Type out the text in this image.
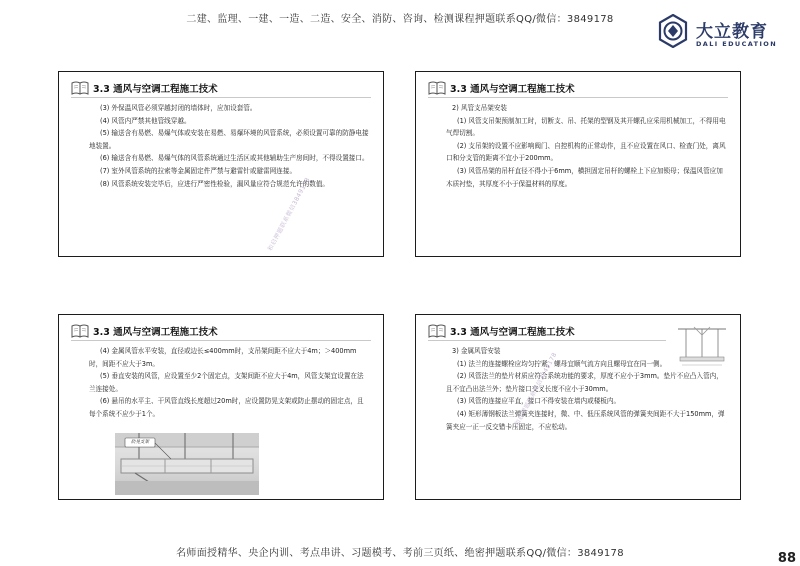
二建、监理、一建、一造、二造、安全、消防、咨询、检测课程押题联系QQ/微信：3849178
大立教育
DALI EDUCATION
3.3 通风与空调工程施工技术

(3) 外保温风管必须穿越封闭的墙体时，应加设套管。

(4) 风管内严禁其他管线穿越。

(5) 输送含有易燃、易爆气体或安装在易燃、易爆环境的风管系统，必须设置可靠的防静电接地装置。

(6) 输送含有易燃、易爆气体的风管系统通过生活区或其他辅助生产房间时，不得设置接口。

(7) 室外风管系统的拉索等金属固定件严禁与避雷针或避雷网连接。

(8) 风管系统安装完毕后，应进行严密性检验，漏风量应符合规范允许的数值。

和启押题联系微信3849178
3.3 通风与空调工程施工技术

2) 风管支吊架安装

(1) 风管支吊架预制加工时，切断支、吊、托架的型钢及其开螺孔应采用机械加工，不得用电气焊切割。

(2) 支吊架的设置不应影响阀门、自控机构的正常动作，且不应设置在风口、检查门处，离风口和分支管的距离不宜小于200mm。

(3) 风管吊架的吊杆直径不得小于6mm，横担固定吊杆的螺栓上下应加锁母；保温风管应加木质衬垫，其厚度不小于保温材料的厚度。

3.3 通风与空调工程施工技术

(4) 金属风管水平安装，直径或边长≤400mm时，支吊架间距不应大于4m；＞400mm时，间距不应大于3m。

(5) 垂直安装的风管，应设置至少2个固定点，支架间距不应大于4m，风管支架宜设置在法兰连接处。

(6) 悬吊的水平主、干风管直线长度超过20m时，应设置防晃支架或防止摆动的固定点，且每个系统不应少于1个。

防晃支架
3.3 通风与空调工程施工技术

3) 金属风管安装

(1) 法兰的连接螺栓应均匀拧紧，螺母宜顺气流方向且螺母宜在同一侧。

(2) 风管法兰的垫片材质应符合系统功能的要求，厚度不应小于3mm。垫片不应凸入管内，且不宜凸出法兰外；垫片接口交叉长度不应小于30mm。

(3) 风管的连接应平直，接口不得安装在墙内或楼板内。

(4) 矩形薄钢板法兰弹簧夹连接时，微、中、低压系统风管的弹簧夹间距不大于150mm，弹簧夹应一正一反交错卡压固定，不应松动。

和启押题联系微信3849178
名师面授精华、央企内训、考点串讲、习题模考、考前三页纸、绝密押题联系QQ/微信：3849178	88
